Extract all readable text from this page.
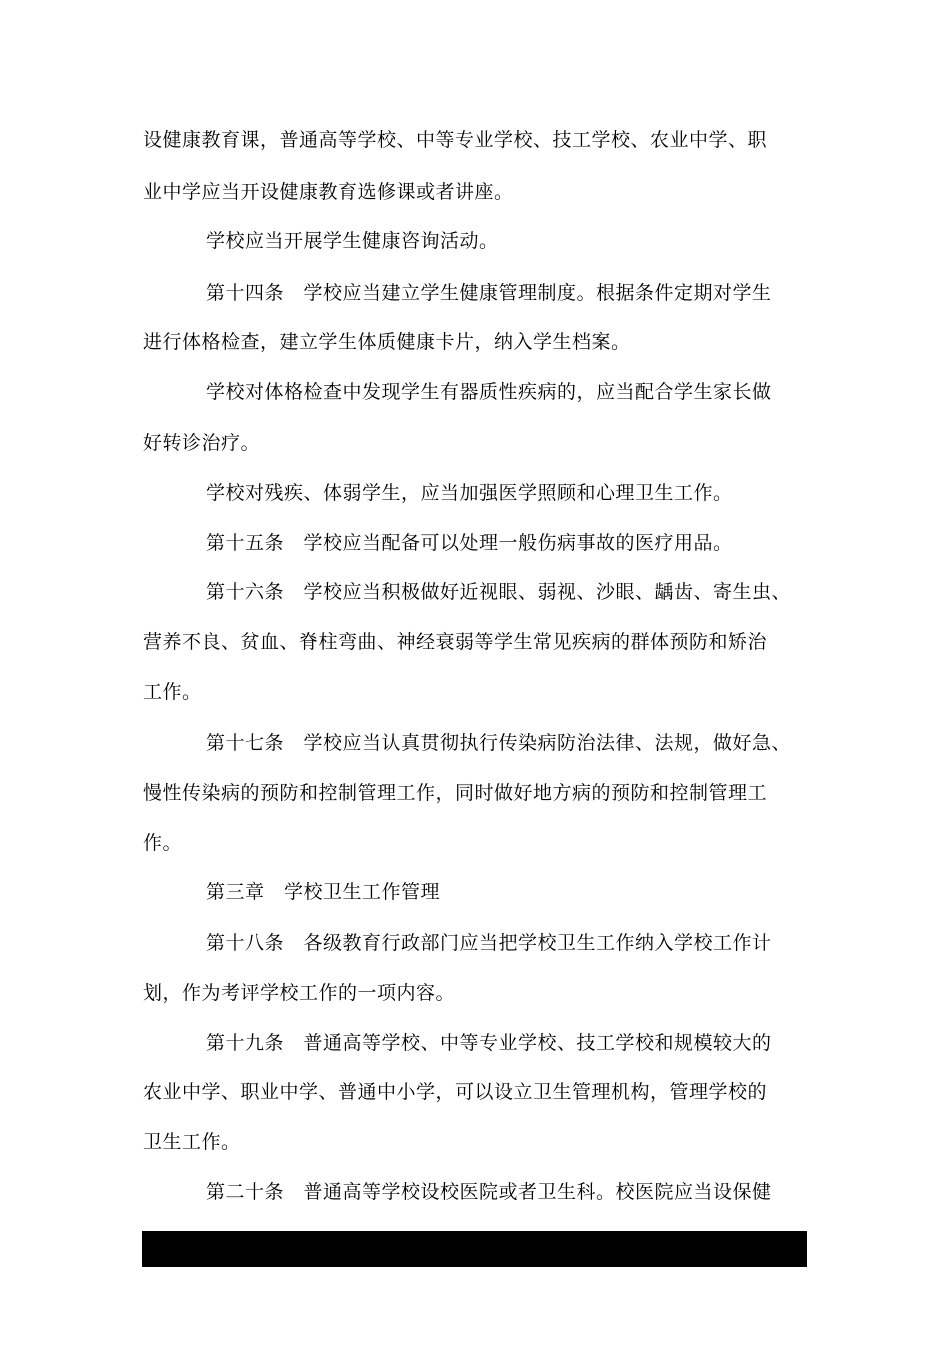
设健康教育课，普通高等学校、中等专业学校、技工学校、农业中学、职
业中学应当开设健康教育选修课或者讲座。
学校应当开展学生健康咨询活动。
第十四条　学校应当建立学生健康管理制度。根据条件定期对学生
进行体格检查，建立学生体质健康卡片，纳入学生档案。
学校对体格检查中发现学生有器质性疾病的，应当配合学生家长做
好转诊治疗。
学校对残疾、体弱学生，应当加强医学照顾和心理卫生工作。
第十五条　学校应当配备可以处理一般伤病事故的医疗用品。
第十六条　学校应当积极做好近视眼、弱视、沙眼、龋齿、寄生虫、
营养不良、贫血、脊柱弯曲、神经衰弱等学生常见疾病的群体预防和矫治
工作。
第十七条　学校应当认真贯彻执行传染病防治法律、法规，做好急、
慢性传染病的预防和控制管理工作，同时做好地方病的预防和控制管理工
作。
第三章　学校卫生工作管理
第十八条　各级教育行政部门应当把学校卫生工作纳入学校工作计
划，作为考评学校工作的一项内容。
第十九条　普通高等学校、中等专业学校、技工学校和规模较大的
农业中学、职业中学、普通中小学，可以设立卫生管理机构，管理学校的
卫生工作。
第二十条　普通高等学校设校医院或者卫生科。校医院应当设保健
